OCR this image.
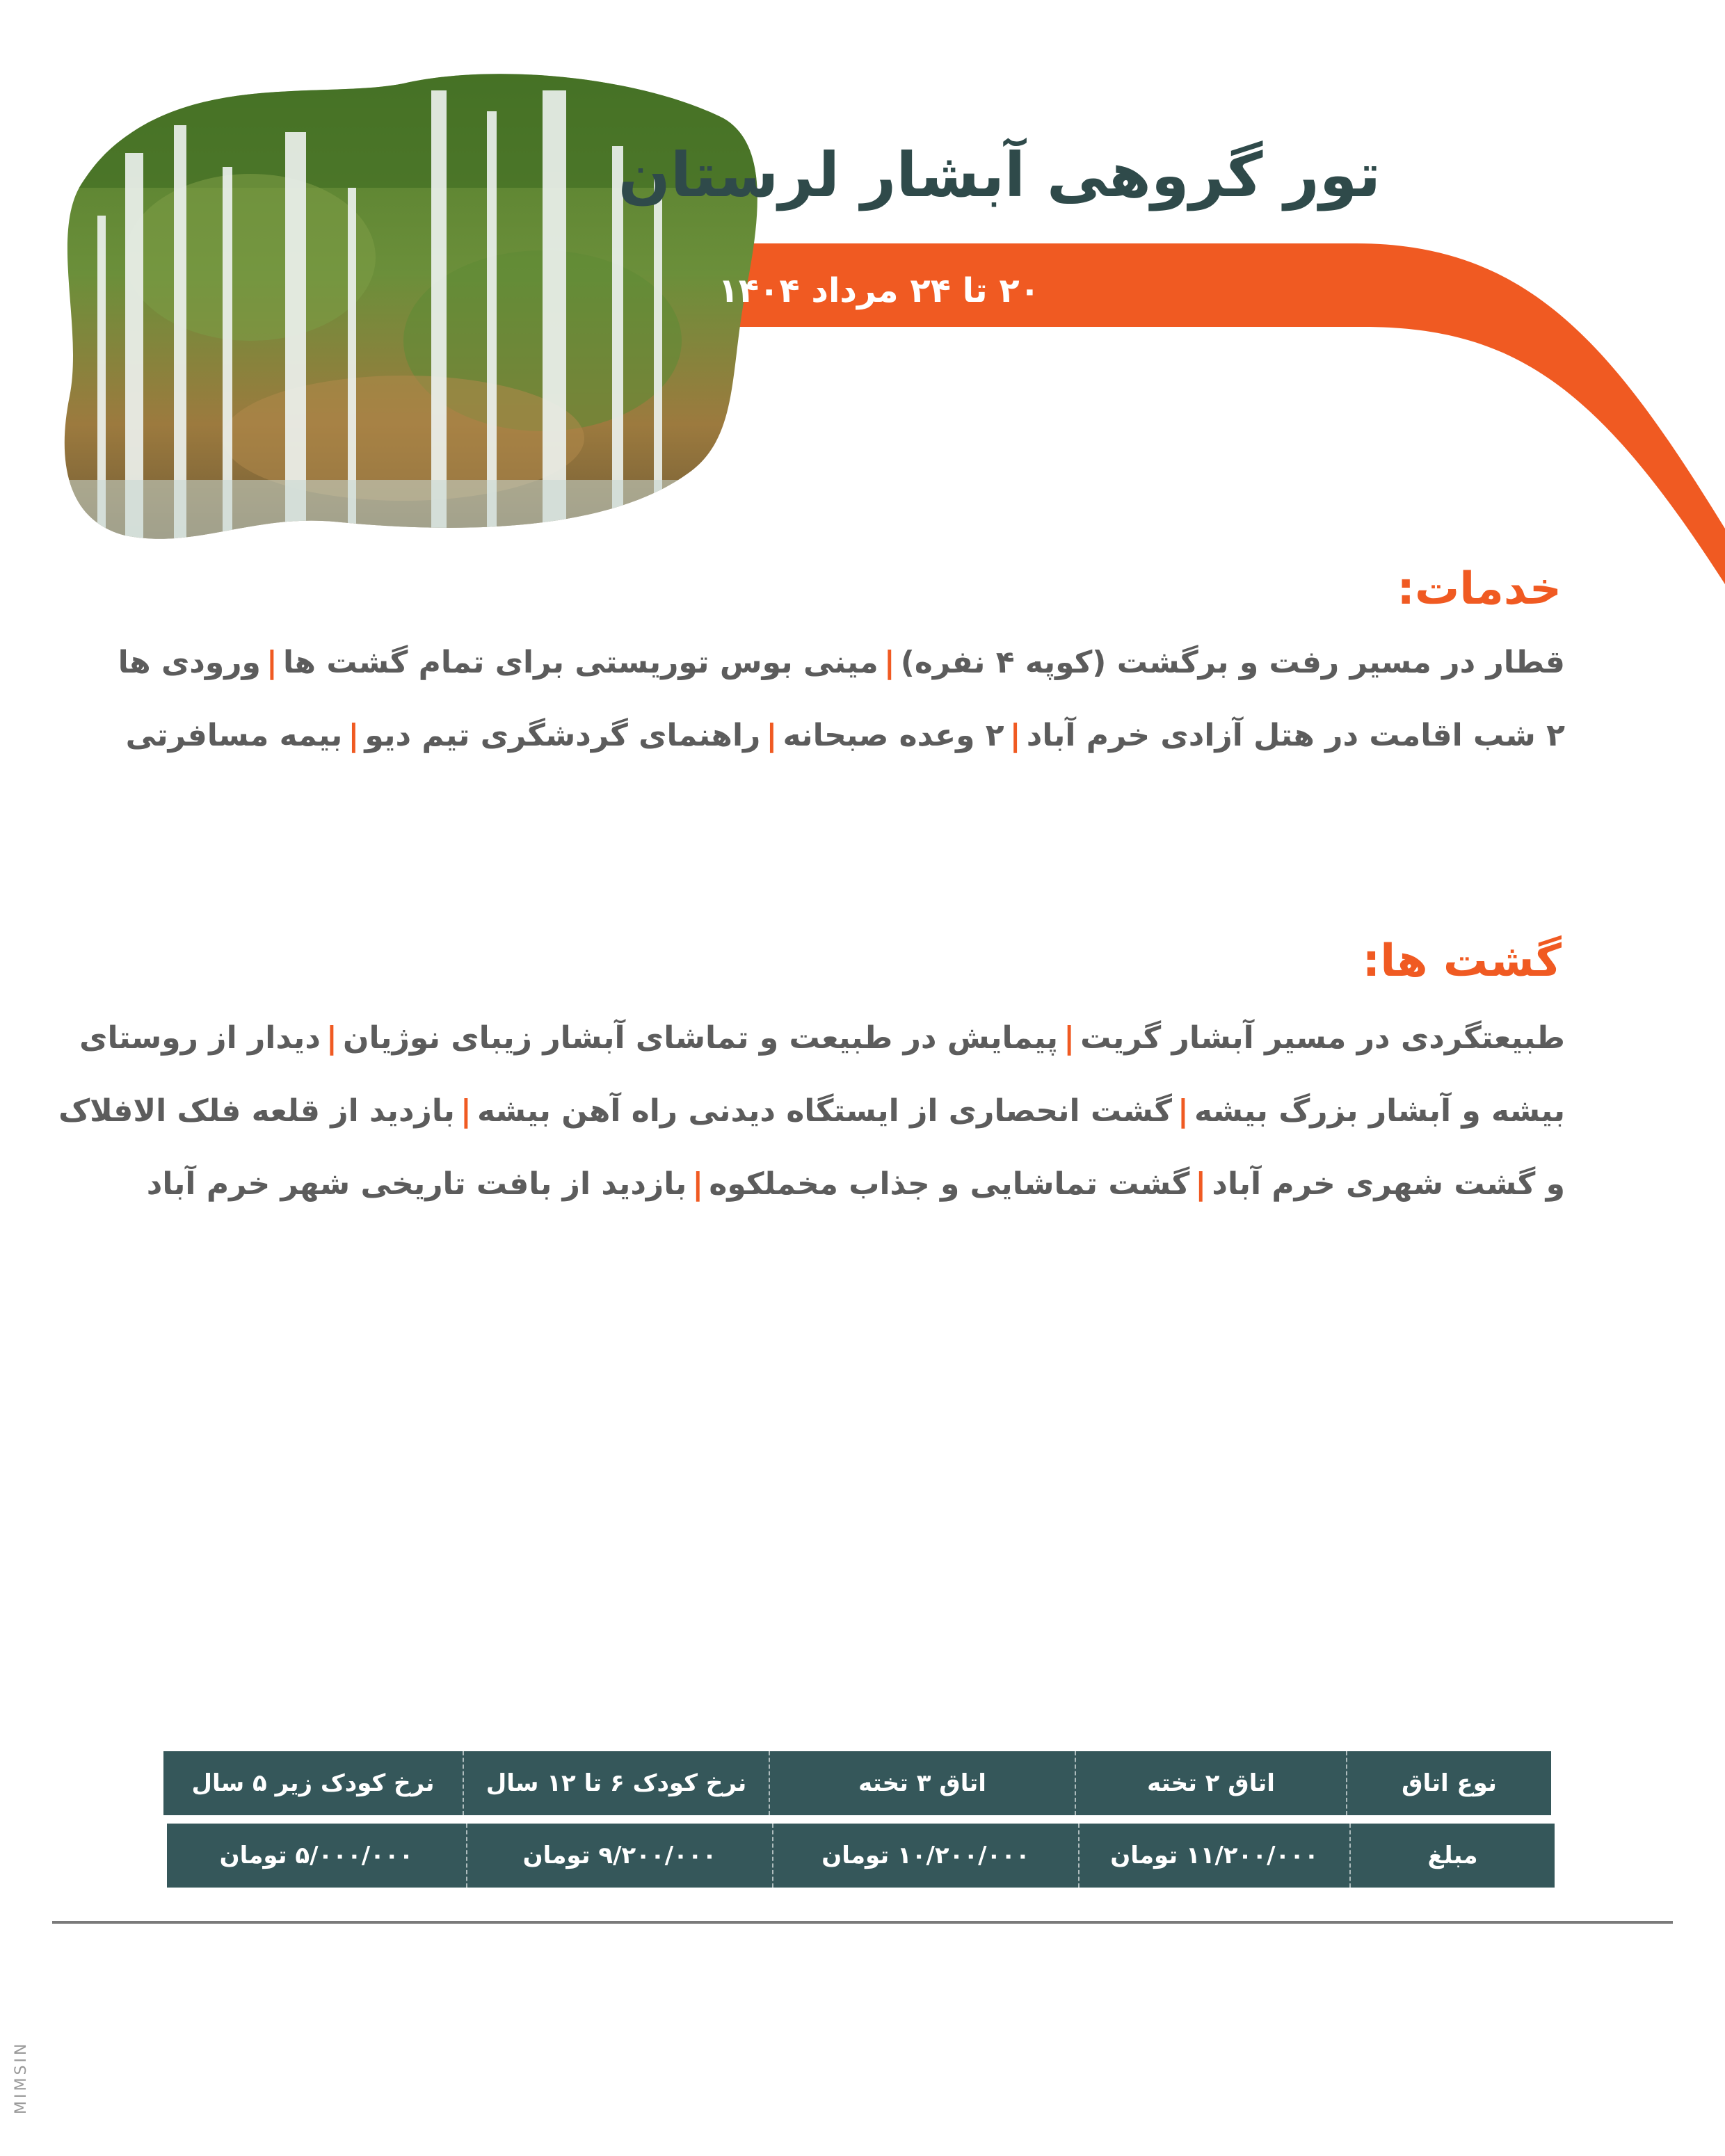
تور گروهی آبشار لرستان
۲۰ تا ۲۴ مرداد ۱۴۰۴
خدمات:
قطار در مسیر رفت و برگشت (کوپه ۴ نفره)|مینی بوس توریستی برای تمام گشت ها|ورودی ها
۲ شب اقامت در هتل آزادی خرم آباد|۲ وعده صبحانه|راهنمای گردشگری تیم دیو|بیمه مسافرتی
گشت ها:
طبیعتگردی در مسیر آبشار گریت|پیمایش در طبیعت و تماشای آبشار زیبای نوژیان|دیدار از روستای
بیشه و آبشار بزرگ بیشه|گشت انحصاری از ایستگاه دیدنی راه آهن بیشه|بازدید از قلعه فلک الافلاک
و گشت شهری خرم آباد|گشت تماشایی و جذاب مخملکوه|بازدید از بافت تاریخی شهر خرم آباد
نوع اتاق
اتاق ۲ تخته
اتاق ۳ تخته
نرخ کودک ۶ تا ۱۲ سال
نرخ کودک زیر ۵ سال
مبلغ
۱۱/۲۰۰/۰۰۰ تومان
۱۰/۲۰۰/۰۰۰ تومان
۹/۲۰۰/۰۰۰ تومان
۵/۰۰۰/۰۰۰ تومان
MIMSIN
